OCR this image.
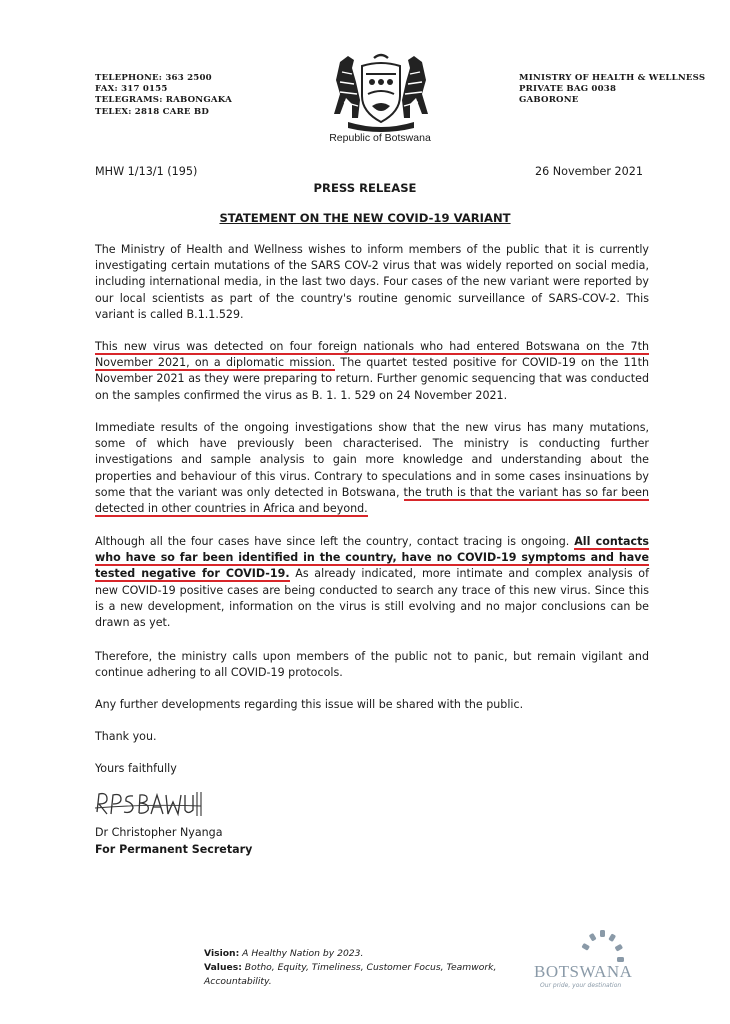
TELEPHONE: 363 2500
FAX: 317 0155
TELEGRAMS: RABONGAKA
TELEX: 2818 CARE BD
Republic of Botswana
MINISTRY OF HEALTH & WELLNESS
PRIVATE BAG 0038
GABORONE
MHW 1/13/1 (195)	26 November 2021
PRESS RELEASE
STATEMENT ON THE NEW COVID-19 VARIANT

The Ministry of Health and Wellness wishes to inform members of the public that it is currently investigating certain mutations of the SARS COV-2 virus that was widely reported on social media, including international media, in the last two days. Four cases of the new variant were reported by our local scientists as part of the country's routine genomic surveillance of SARS-COV-2. This variant is called B.1.1.529.

This new virus was detected on four foreign nationals who had entered Botswana on the 7th November 2021, on a diplomatic mission. The quartet tested positive for COVID-19 on the 11th November 2021 as they were preparing to return. Further genomic sequencing that was conducted on the samples confirmed the virus as B. 1. 1. 529 on 24 November 2021.

Immediate results of the ongoing investigations show that the new virus has many mutations, some of which have previously been characterised. The ministry is conducting further investigations and sample analysis to gain more knowledge and understanding about the properties and behaviour of this virus. Contrary to speculations and in some cases insinuations by some that the variant was only detected in Botswana, the truth is that the variant has so far been detected in other countries in Africa and beyond.

Although all the four cases have since left the country, contact tracing is ongoing. All contacts who have so far been identified in the country, have no COVID-19 symptoms and have tested negative for COVID-19. As already indicated, more intimate and complex analysis of new COVID-19 positive cases are being conducted to search any trace of this new virus. Since this is a new development, information on the virus is still evolving and no major conclusions can be drawn as yet.

Therefore, the ministry calls upon members of the public not to panic, but remain vigilant and continue adhering to all COVID-19 protocols.

Any further developments regarding this issue will be shared with the public.

Thank you.
Yours faithfully
Dr Christopher Nyanga
For Permanent Secretary
Vision: A Healthy Nation by 2023.
Values: Botho, Equity, Timeliness, Customer Focus, Teamwork,
Accountability.
BOTSWANA
Our pride, your destination
